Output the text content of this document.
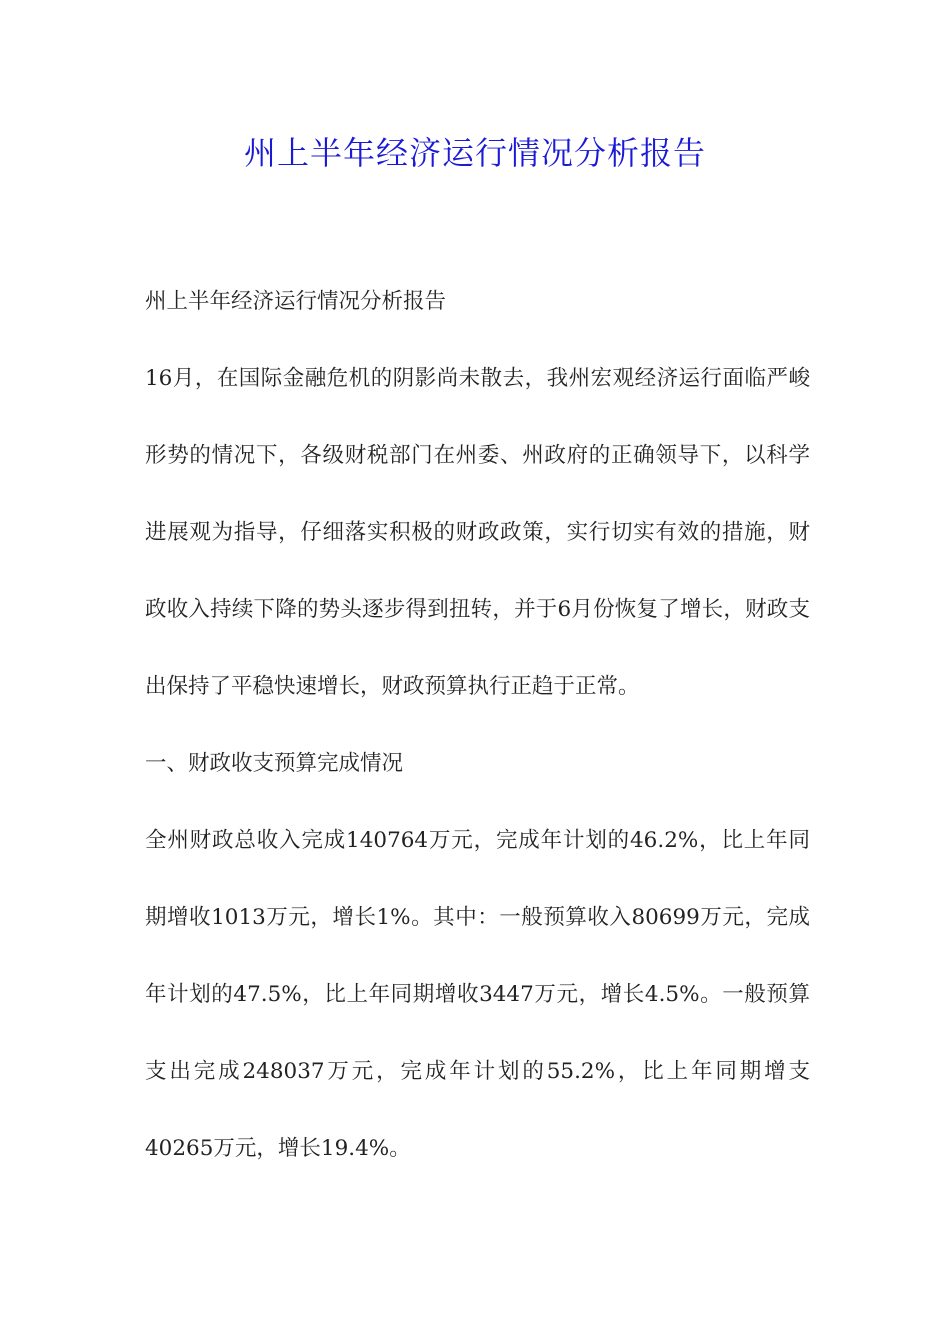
州上半年经济运行情况分析报告

州上半年经济运行情况分析报告

16月，在国际金融危机的阴影尚未散去，我州宏观经济运行面临严峻形势的情况下，各级财税部门在州委、州政府的正确领导下，以科学进展观为指导，仔细落实积极的财政政策，实行切实有效的措施，财政收入持续下降的势头逐步得到扭转，并于6月份恢复了增长，财政支出保持了平稳快速增长，财政预算执行正趋于正常。

一、财政收支预算完成情况

全州财政总收入完成140764万元，完成年计划的46.2%，比上年同期增收1013万元，增长1%。其中：一般预算收入80699万元，完成年计划的47.5%，比上年同期增收3447万元，增长4.5%。一般预算支出完成248037万元，完成年计划的55.2%，比上年同期增支40265万元，增长19.4%。
